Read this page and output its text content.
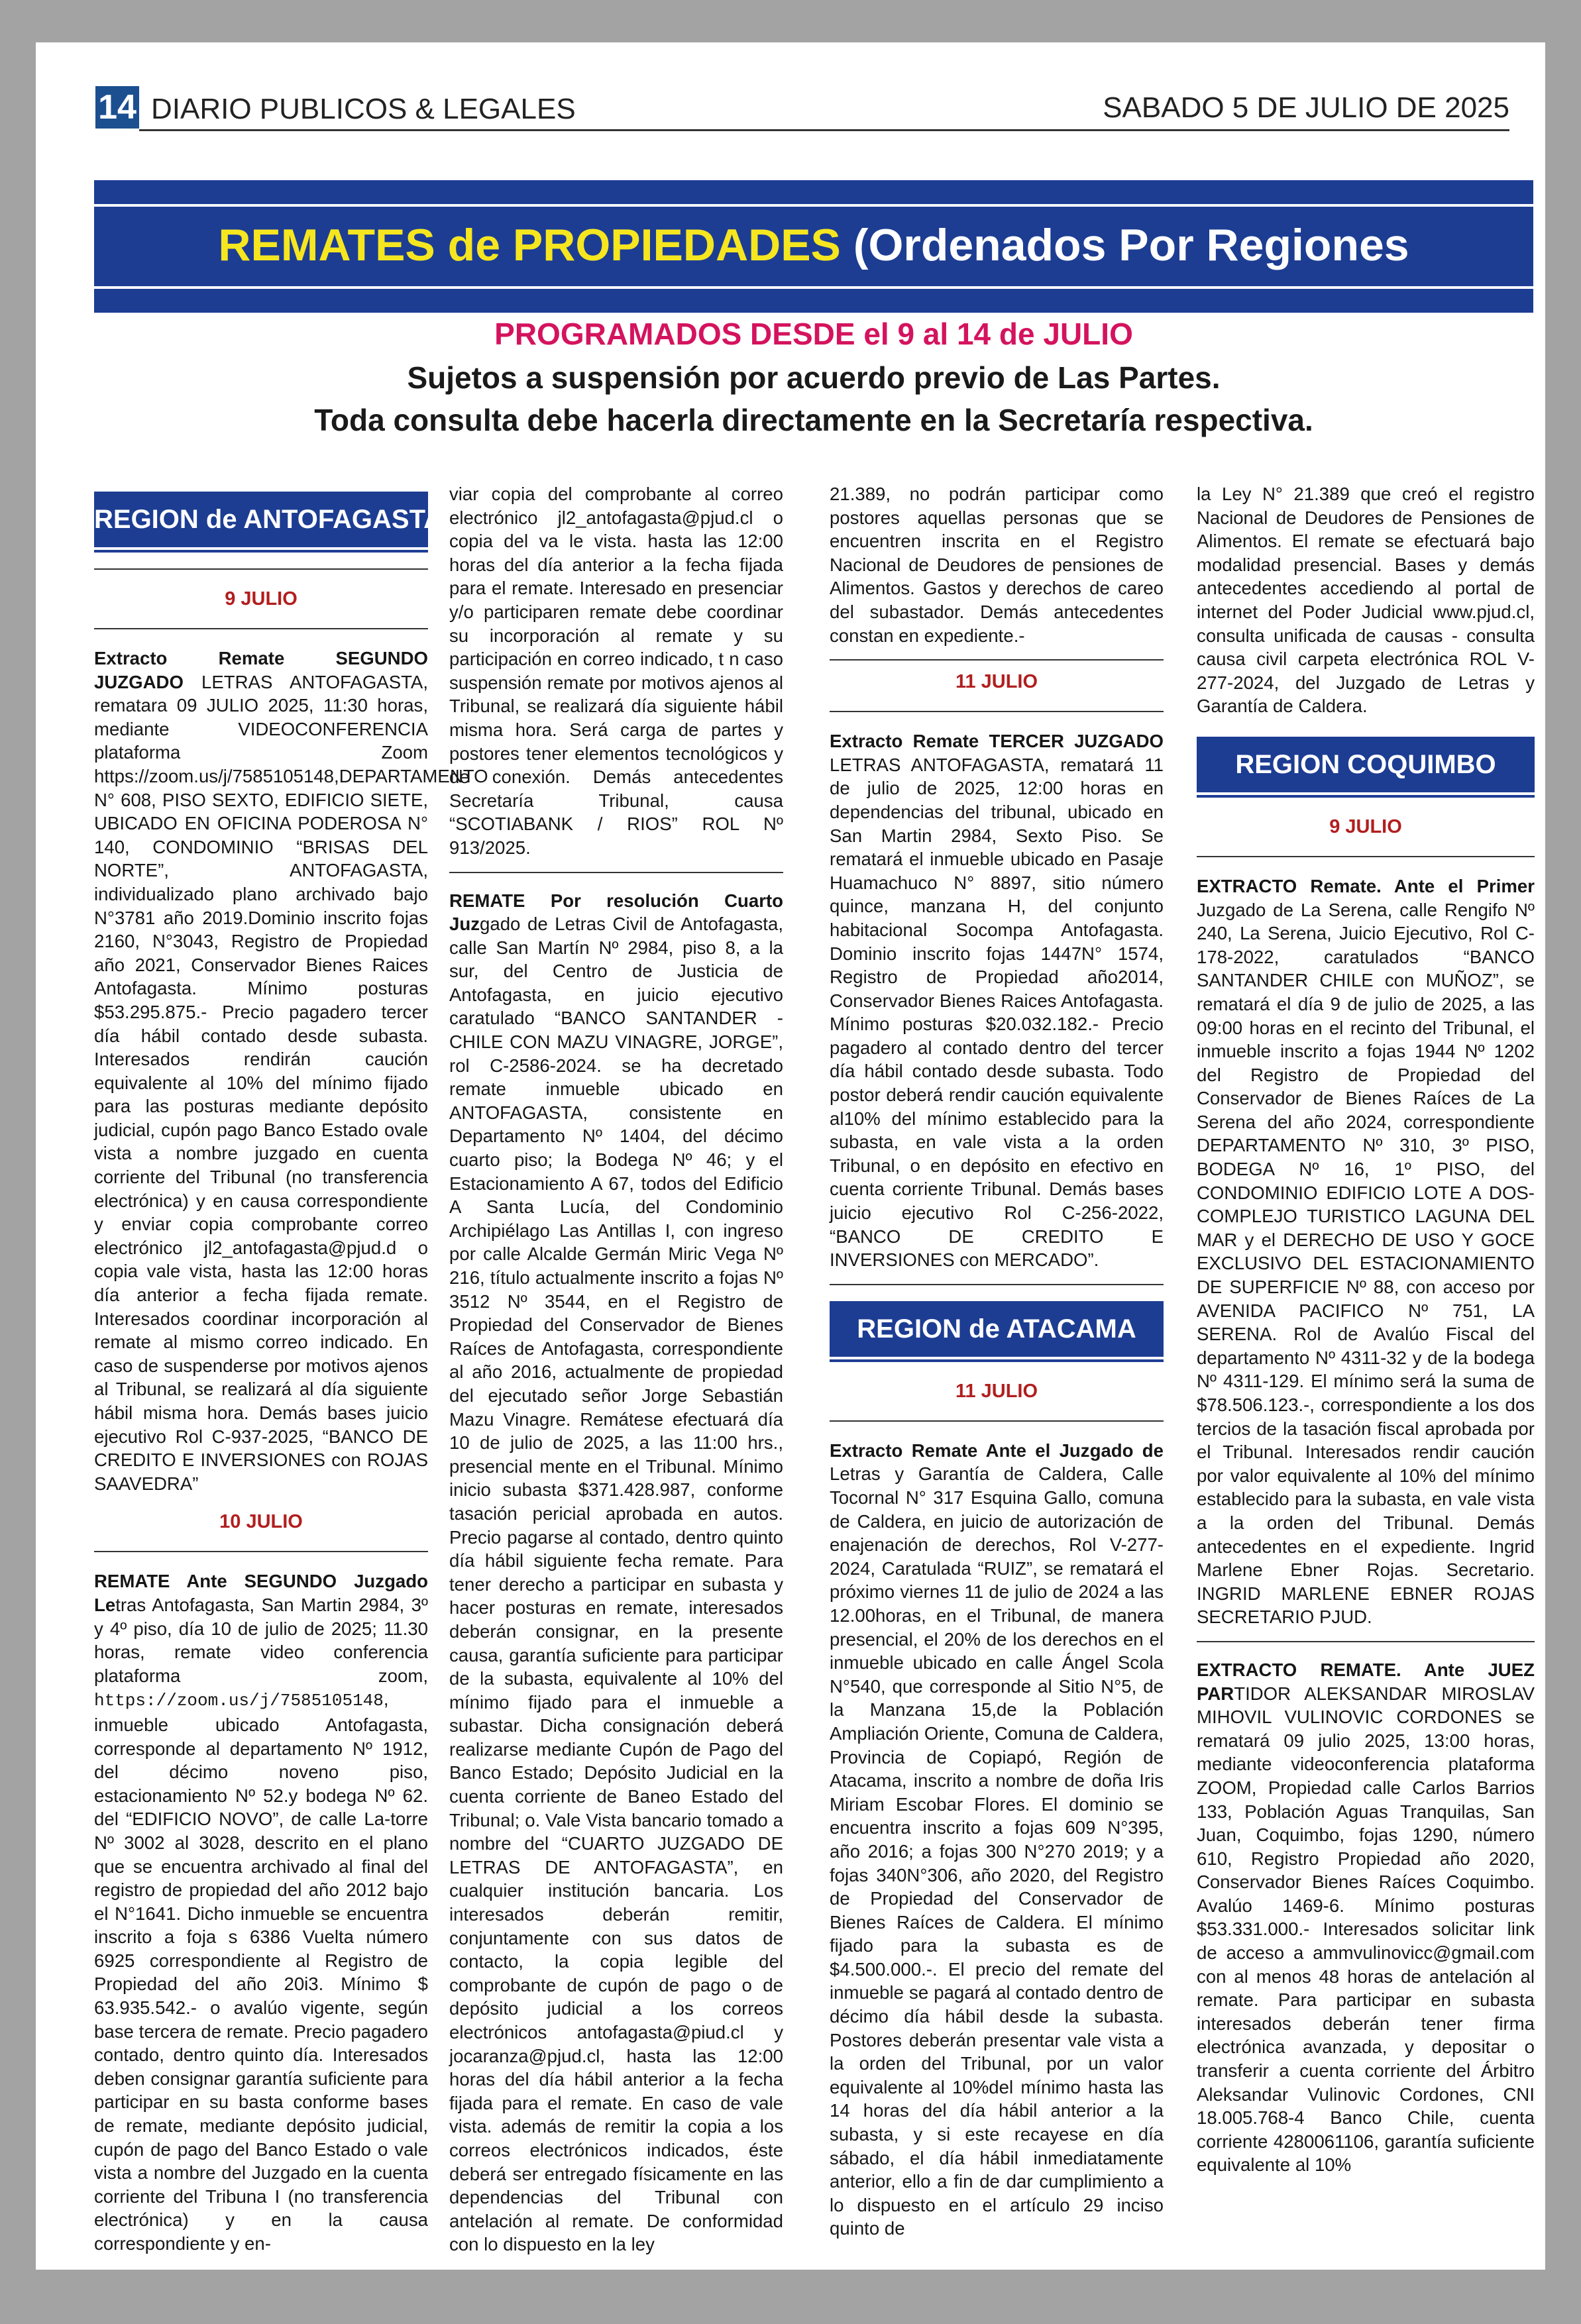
14 DIARIO PUBLICOS & LEGALES	SABADO 5 DE JULIO DE 2025
REMATES de PROPIEDADES (Ordenados Por Regiones
PROGRAMADOS DESDE el 9 al 14 de JULIO
Sujetos a suspensión por acuerdo previo de Las Partes.
Toda consulta debe hacerla directamente en la Secretaría respectiva.
REGION de ANTOFAGASTA
9 JULIO

Extracto Remate SEGUNDO JUZGADO LETRAS ANTOFAGASTA, rematara 09 JULIO 2025, 11:30 horas, mediante VIDEOCONFERENCIA plataforma Zoom https://zoom.us/j/7585105148,DEPARTAMENTO N° 608, PISO SEXTO, EDIFICIO SIETE, UBICADO EN OFICINA PODEROSA N° 140, CONDOMINIO “BRISAS DEL NORTE”, ANTOFAGASTA, individualizado plano archivado bajo N°3781 año 2019.Dominio inscrito fojas 2160, N°3043, Registro de Propiedad año 2021, Conservador Bienes Raices Antofagasta. Mínimo posturas $53.295.875.- Precio pagadero tercer día hábil contado desde subasta. Interesados rendirán caución equivalente al 10% del mínimo fijado para las posturas mediante depósito judicial, cupón pago Banco Estado ovale vista a nombre juzgado en cuenta corriente del Tribunal (no transferencia electrónica) y en causa correspondiente y enviar copia comprobante correo electrónico jl2_antofagasta@pjud.d o copia vale vista, hasta las 12:00 horas día anterior a fecha fijada remate. Interesados coordinar incorporación al remate al mismo correo indicado. En caso de suspenderse por motivos ajenos al Tribunal, se realizará al día siguiente hábil misma hora. Demás bases juicio ejecutivo Rol C-937-2025, “BANCO DE CREDITO E INVERSIONES con ROJAS SAAVEDRA”

10 JULIO

REMATE Ante SEGUNDO Juzgado Letras Antofagasta, San Martin 2984, 3º y 4º piso, día 10 de julio de 2025; 11.30 horas, remate video conferencia plataforma zoom, https://zoom.us/j/7585105148, inmueble ubicado Antofagasta, corresponde al departamento Nº 1912, del décimo noveno piso, estacionamiento Nº 52.y bodega Nº 62. del “EDIFICIO NOVO”, de calle La-torre Nº 3002 al 3028, descrito en el plano que se encuentra archivado al final del registro de propiedad del año 2012 bajo el N°1641. Dicho inmueble se encuentra inscrito a foja s 6386 Vuelta número 6925 correspondiente al Registro de Propiedad del año 20i3. Mínimo $ 63.935.542.- o avalúo vigente, según base tercera de remate. Precio pagadero contado, dentro quinto día. Interesados deben consignar garantía suficiente para participar en su basta conforme bases de remate, mediante depósito judicial, cupón de pago del Banco Estado o vale vista a nombre del Juzgado en la cuenta corriente del Tribuna I (no transferencia electrónica) y en la causa correspondiente y en-

viar copia del comprobante al correo electrónico jl2_antofagasta@pjud.cl o copia del va le vista. hasta las 12:00 horas del día anterior a la fecha fijada para el remate. Interesado en presenciar y/o participaren remate debe coordinar su incorporación al remate y su participación en correo indicado, t n caso suspensión remate por motivos ajenos al Tribunal, se realizará día siguiente hábil misma hora. Será carga de partes y postores tener elementos tecnológicos y de conexión. Demás antecedentes Secretaría Tribunal, causa “SCOTIABANK / RIOS” ROL Nº 913/2025.

REMATE Por resolución Cuarto Juzgado de Letras Civil de Antofagasta, calle San Martín Nº 2984, piso 8, a la sur, del Centro de Justicia de Antofagasta, en juicio ejecutivo caratulado “BANCO SANTANDER - CHILE CON MAZU VINAGRE, JORGE”, rol C-2586-2024. se ha decretado remate inmueble ubicado en ANTOFAGASTA, consistente en Departamento Nº 1404, del décimo cuarto piso; la Bodega Nº 46; y el Estacionamiento A 67, todos del Edificio A Santa Lucía, del Condominio Archipiélago Las Antillas I, con ingreso por calle Alcalde Germán Miric Vega Nº 216, título actualmente inscrito a fojas Nº 3512 Nº 3544, en el Registro de Propiedad del Conservador de Bienes Raíces de Antofagasta, correspondiente al año 2016, actualmente de propiedad del ejecutado señor Jorge Sebastián Mazu Vinagre. Remátese efectuará día 10 de julio de 2025, a las 11:00 hrs., presencial mente en el Tribunal. Mínimo inicio subasta $371.428.987, conforme tasación pericial aprobada en autos. Precio pagarse al contado, dentro quinto día hábil siguiente fecha remate. Para tener derecho a participar en subasta y hacer posturas en remate, interesados deberán consignar, en la presente causa, garantía suficiente para participar de la subasta, equivalente al 10% del mínimo fijado para el inmueble a subastar. Dicha consignación deberá realizarse mediante Cupón de Pago del Banco Estado; Depósito Judicial en la cuenta corriente de Baneo Estado del Tribunal; o. Vale Vista bancario tomado a nombre del “CUARTO JUZGADO DE LETRAS DE ANTOFAGASTA”, en cualquier institución bancaria. Los interesados deberán remitir, conjuntamente con sus datos de contacto, la copia legible del comprobante de cupón de pago o de depósito judicial a los correos electrónicos antofagasta@piud.cl y jocaranza@pjud.cl, hasta las 12:00 horas del día hábil anterior a la fecha fijada para el remate. En caso de vale vista. además de remitir la copia a los correos electrónicos indicados, éste deberá ser entregado físicamente en las dependencias del Tribunal con antelación al remate. De conformidad con lo dispuesto en la ley

21.389, no podrán participar como postores aquellas personas que se encuentren inscrita en el Registro Nacional de Deudores de pensiones de Alimentos. Gastos y derechos de careo del subastador. Demás antecedentes constan en expediente.-

11 JULIO

Extracto Remate TERCER JUZGADO LETRAS ANTOFAGASTA, rematará 11 de julio de 2025, 12:00 horas en dependencias del tribunal, ubicado en San Martin 2984, Sexto Piso. Se rematará el inmueble ubicado en Pasaje Huamachuco N° 8897, sitio número quince, manzana H, del conjunto habitacional Socompa Antofagasta. Dominio inscrito fojas 1447N° 1574, Registro de Propiedad año2014, Conservador Bienes Raices Antofagasta. Mínimo posturas $20.032.182.- Precio pagadero al contado dentro del tercer día hábil contado desde subasta. Todo postor deberá rendir caución equivalente al10% del mínimo establecido para la subasta, en vale vista a la orden Tribunal, o en depósito en efectivo en cuenta corriente Tribunal. Demás bases juicio ejecutivo Rol C-256-2022, “BANCO DE CREDITO E INVERSIONES con MERCADO”.

REGION de ATACAMA
11 JULIO

Extracto Remate Ante el Juzgado de Letras y Garantía de Caldera, Calle Tocornal N° 317 Esquina Gallo, comuna de Caldera, en juicio de autorización de enajenación de derechos, Rol V-277-2024, Caratulada “RUIZ”, se rematará el próximo viernes 11 de julio de 2024 a las 12.00horas, en el Tribunal, de manera presencial, el 20% de los derechos en el inmueble ubicado en calle Ángel Scola N°540, que corresponde al Sitio N°5, de la Manzana 15,de la Población Ampliación Oriente, Comuna de Caldera, Provincia de Copiapó, Región de Atacama, inscrito a nombre de doña Iris Miriam Escobar Flores. El dominio se encuentra inscrito a fojas 609 N°395, año 2016; a fojas 300 N°270 2019; y a fojas 340N°306, año 2020, del Registro de Propiedad del Conservador de Bienes Raíces de Caldera. El mínimo fijado para la subasta es de $4.500.000.-. El precio del remate del inmueble se pagará al contado dentro de décimo día hábil desde la subasta. Postores deberán presentar vale vista a la orden del Tribunal, por un valor equivalente al 10%del mínimo hasta las 14 horas del día hábil anterior a la subasta, y si este recayese en día sábado, el día hábil inmediatamente anterior, ello a fin de dar cumplimiento a lo dispuesto en el artículo 29 inciso quinto de

la Ley N° 21.389 que creó el registro Nacional de Deudores de Pensiones de Alimentos. El remate se efectuará bajo modalidad presencial. Bases y demás antecedentes accediendo al portal de internet del Poder Judicial www.pjud.cl, consulta unificada de causas - consulta causa civil carpeta electrónica ROL V-277-2024, del Juzgado de Letras y Garantía de Caldera.

REGION COQUIMBO
9 JULIO

EXTRACTO Remate. Ante el Primer Juzgado de La Serena, calle Rengifo Nº 240, La Serena, Juicio Ejecutivo, Rol C-178-2022, caratulados “BANCO SANTANDER CHILE con MUÑOZ”, se rematará el día 9 de julio de 2025, a las 09:00 horas en el recinto del Tribunal, el inmueble inscrito a fojas 1944 Nº 1202 del Registro de Propiedad del Conservador de Bienes Raíces de La Serena del año 2024, correspondiente DEPARTAMENTO Nº 310, 3º PISO, BODEGA Nº 16, 1º PISO, del CONDOMINIO EDIFICIO LOTE A DOS-COMPLEJO TURISTICO LAGUNA DEL MAR y el DERECHO DE USO Y GOCE EXCLUSIVO DEL ESTACIONAMIENTO DE SUPERFICIE Nº 88, con acceso por AVENIDA PACIFICO Nº 751, LA SERENA. Rol de Avalúo Fiscal del departamento Nº 4311-32 y de la bodega Nº 4311-129. El mínimo será la suma de $78.506.123.-, correspondiente a los dos tercios de la tasación fiscal aprobada por el Tribunal. Interesados rendir caución por valor equivalente al 10% del mínimo establecido para la subasta, en vale vista a la orden del Tribunal. Demás antecedentes en el expediente. Ingrid Marlene Ebner Rojas. Secretario. INGRID MARLENE EBNER ROJAS SECRETARIO PJUD.

EXTRACTO REMATE. Ante JUEZ PARTIDOR ALEKSANDAR MIROSLAV MIHOVIL VULINOVIC CORDONES se rematará 09 julio 2025, 13:00 horas, mediante videoconferencia plataforma ZOOM, Propiedad calle Carlos Barrios 133, Población Aguas Tranquilas, San Juan, Coquimbo, fojas 1290, número 610, Registro Propiedad año 2020, Conservador Bienes Raíces Coquimbo. Avalúo 1469-6. Mínimo posturas $53.331.000.- Interesados solicitar link de acceso a ammvulinovicc@gmail.com con al menos 48 horas de antelación al remate. Para participar en subasta interesados deberán tener firma electrónica avanzada, y depositar o transferir a cuenta corriente del Árbitro Aleksandar Vulinovic Cordones, CNI 18.005.768-4 Banco Chile, cuenta corriente 4280061106, garantía suficiente equivalente al 10%
